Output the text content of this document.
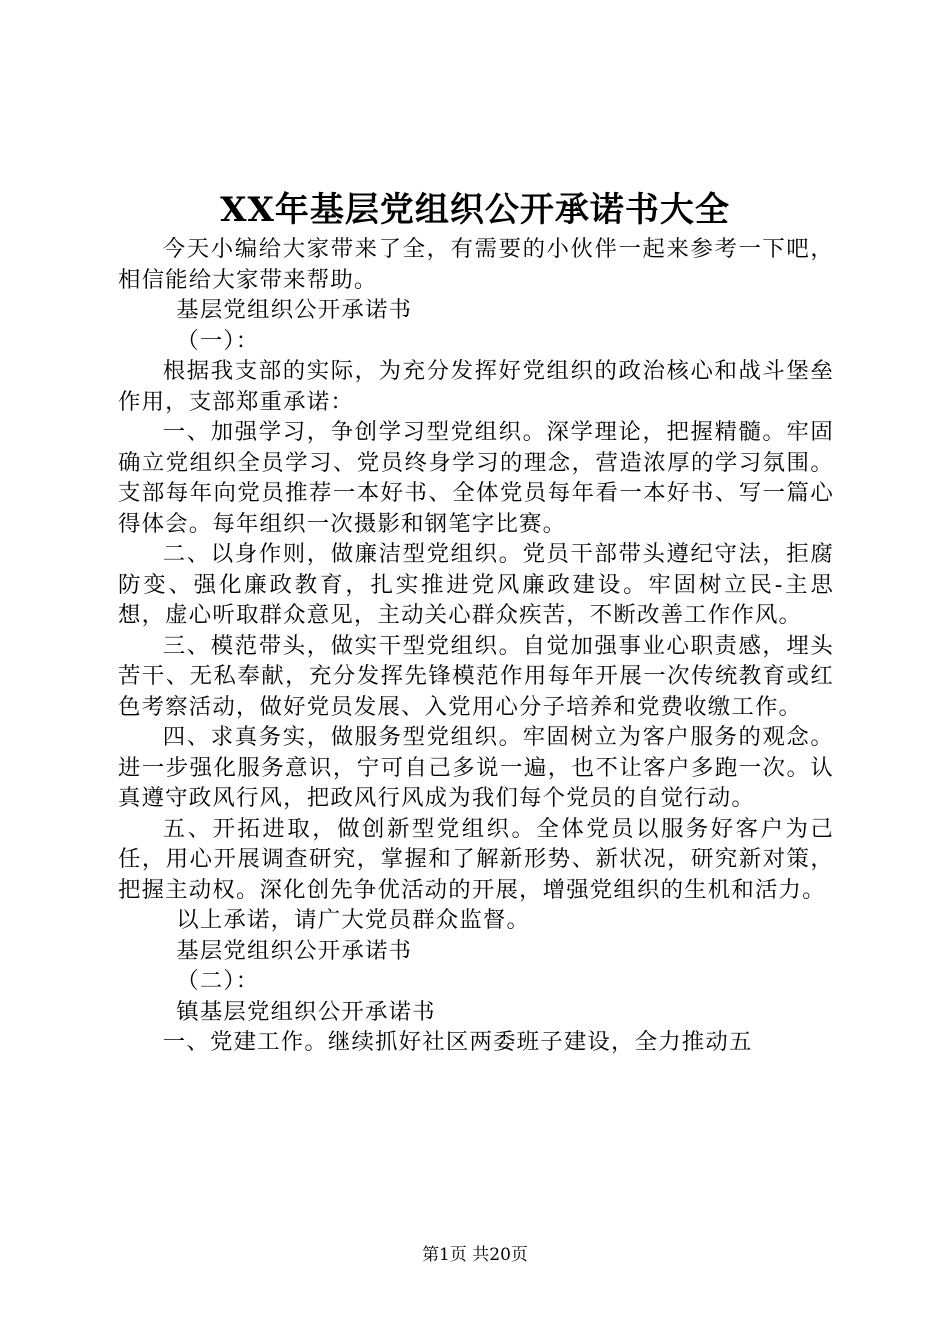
XX年基层党组织公开承诺书大全

今天小编给大家带来了全，有需要的小伙伴一起来参考一下吧，相信能给大家带来帮助。

基层党组织公开承诺书

（一）：

根据我支部的实际，为充分发挥好党组织的政治核心和战斗堡垒作用，支部郑重承诺：

一、加强学习，争创学习型党组织。深学理论，把握精髓。牢固确立党组织全员学习、党员终身学习的理念，营造浓厚的学习氛围。支部每年向党员推荐一本好书、全体党员每年看一本好书、写一篇心得体会。每年组织一次摄影和钢笔字比赛。

二、以身作则，做廉洁型党组织。党员干部带头遵纪守法，拒腐防变、强化廉政教育，扎实推进党风廉政建设。牢固树立民-主思想，虚心听取群众意见，主动关心群众疾苦，不断改善工作作风。

三、模范带头，做实干型党组织。自觉加强事业心职责感，埋头苦干、无私奉献，充分发挥先锋模范作用每年开展一次传统教育或红色考察活动，做好党员发展、入党用心分子培养和党费收缴工作。

四、求真务实，做服务型党组织。牢固树立为客户服务的观念。进一步强化服务意识，宁可自己多说一遍，也不让客户多跑一次。认真遵守政风行风，把政风行风成为我们每个党员的自觉行动。

五、开拓进取，做创新型党组织。全体党员以服务好客户为己任，用心开展调查研究，掌握和了解新形势、新状况，研究新对策，把握主动权。深化创先争优活动的开展，增强党组织的生机和活力。

以上承诺，请广大党员群众监督。

基层党组织公开承诺书

（二）：

镇基层党组织公开承诺书

一、党建工作。继续抓好社区两委班子建设，全力推动五

第1页 共20页
